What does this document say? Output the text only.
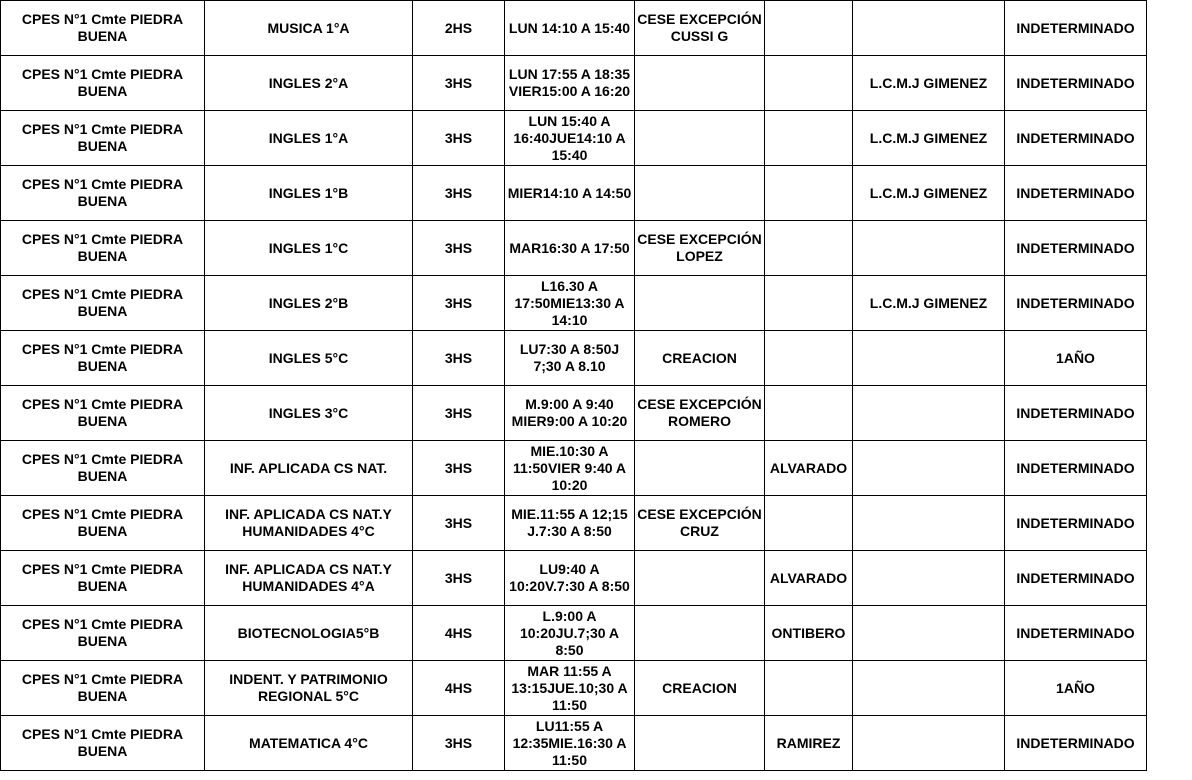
CPES N°1 Cmte PIEDRA BUENA	MUSICA 1°A	2HS	LUN 14:10 A 15:40	CESE EXCEPCIÓN CUSSI G			INDETERMINADO
CPES N°1 Cmte PIEDRA BUENA	INGLES 2°A	3HS	LUN 17:55 A 18:35 VIER15:00 A 16:20			L.C.M.J GIMENEZ	INDETERMINADO
CPES N°1 Cmte PIEDRA BUENA	INGLES 1°A	3HS	LUN 15:40 A 16:40JUE14:10 A 15:40			L.C.M.J GIMENEZ	INDETERMINADO
CPES N°1 Cmte PIEDRA BUENA	INGLES 1°B	3HS	MIER14:10 A 14:50			L.C.M.J GIMENEZ	INDETERMINADO
CPES N°1 Cmte PIEDRA BUENA	INGLES 1°C	3HS	MAR16:30 A 17:50	CESE EXCEPCIÓN LOPEZ			INDETERMINADO
CPES N°1 Cmte PIEDRA BUENA	INGLES 2°B	3HS	L16.30 A 17:50MIE13:30 A 14:10			L.C.M.J GIMENEZ	INDETERMINADO
CPES N°1 Cmte PIEDRA BUENA	INGLES 5°C	3HS	LU7:30 A 8:50J 7;30 A 8.10	CREACION			1AÑO
CPES N°1 Cmte PIEDRA BUENA	INGLES 3°C	3HS	M.9:00 A 9:40 MIER9:00 A 10:20	CESE EXCEPCIÓN ROMERO			INDETERMINADO
CPES N°1 Cmte PIEDRA BUENA	INF. APLICADA CS NAT.	3HS	MIE.10:30 A 11:50VIER 9:40 A 10:20		ALVARADO		INDETERMINADO
CPES N°1 Cmte PIEDRA BUENA	INF. APLICADA CS NAT.Y HUMANIDADES 4°C	3HS	MIE.11:55 A 12;15 J.7:30 A 8:50	CESE EXCEPCIÓN CRUZ			INDETERMINADO
CPES N°1 Cmte PIEDRA BUENA	INF. APLICADA CS NAT.Y HUMANIDADES 4°A	3HS	LU9:40 A 10:20V.7:30 A 8:50		ALVARADO		INDETERMINADO
CPES N°1 Cmte PIEDRA BUENA	BIOTECNOLOGIA5°B	4HS	L.9:00 A 10:20JU.7;30 A 8:50		ONTIBERO		INDETERMINADO
CPES N°1 Cmte PIEDRA BUENA	INDENT. Y PATRIMONIO REGIONAL 5°C	4HS	MAR 11:55 A 13:15JUE.10;30 A 11:50	CREACION			1AÑO
CPES N°1 Cmte PIEDRA BUENA	MATEMATICA 4°C	3HS	LU11:55 A 12:35MIE.16:30 A 11:50		RAMIREZ		INDETERMINADO
